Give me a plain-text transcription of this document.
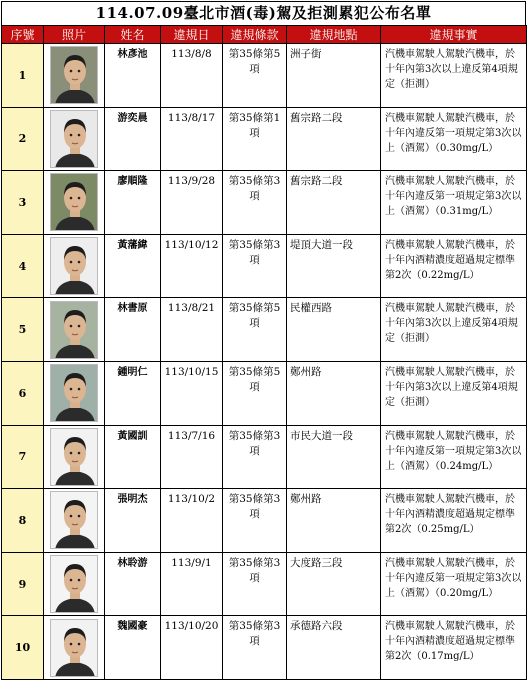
114.07.09臺北市酒(毒)駕及拒測累犯公布名單
序號	照片	姓名	違規日	違規條款	違規地點	違規事實
1		林彥池	113/8/8	第35條第5項	洲子街	汽機車駕駛人駕駛汽機車，於十年內第3次以上違反第4項規定（拒測）
2		游奕晨	113/8/17	第35條第1項	舊宗路二段	汽機車駕駛人駕駛汽機車，於十年內違反第一項規定第3次以上（酒駕）（0.30mg/L）
3		廖順隆	113/9/28	第35條第3項	舊宗路二段	汽機車駕駛人駕駛汽機車，於十年內違反第一項規定第3次以上（酒駕）（0.31mg/L）
4		黃藩緯	113/10/12	第35條第3項	堤頂大道一段	汽機車駕駛人駕駛汽機車，於十年內酒精濃度超過規定標準第2次（0.22mg/L）
5		林書原	113/8/21	第35條第5項	民權西路	汽機車駕駛人駕駛汽機車，於十年內第3次以上違反第4項規定（拒測）
6		鍾明仁	113/10/15	第35條第5項	鄭州路	汽機車駕駛人駕駛汽機車，於十年內第3次以上違反第4項規定（拒測）
7		黃國訓	113/7/16	第35條第3項	市民大道一段	汽機車駕駛人駕駛汽機車，於十年內違反第一項規定第3次以上（酒駕）（0.24mg/L）
8		張明杰	113/10/2	第35條第3項	鄭州路	汽機車駕駛人駕駛汽機車，於十年內酒精濃度超過規定標準第2次（0.25mg/L）
9		林聆游	113/9/1	第35條第3項	大度路三段	汽機車駕駛人駕駛汽機車，於十年內違反第一項規定第3次以上（酒駕）（0.20mg/L）
10		魏國豪	113/10/20	第35條第3項	承德路六段	汽機車駕駛人駕駛汽機車，於十年內酒精濃度超過規定標準第2次（0.17mg/L）
